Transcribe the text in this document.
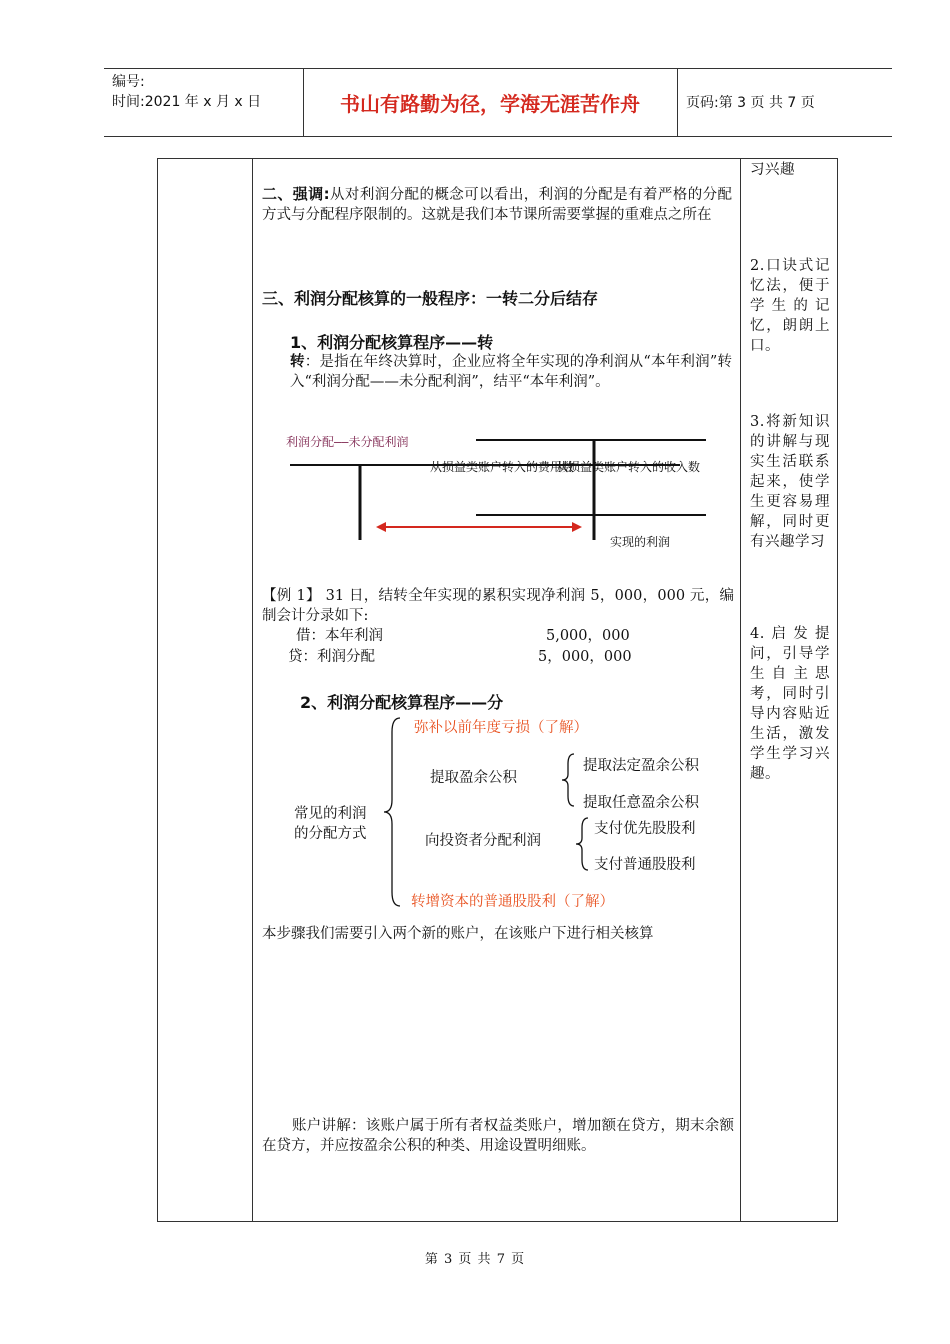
编号:
时间:2021 年 x 月 x 日	书山有路勤为径，学海无涯苦作舟	页码:第 3 页 共 7 页
习兴趣
2.口诀式记忆法，便于学生的记忆，朗朗上口。
3.将新知识的讲解与现实生活联系起来，使学生更容易理解，同时更有兴趣学习
4.启发提问，引导学生自主思考，同时引导内容贴近生活，激发学生学习兴趣。
二、强调:从对利润分配的概念可以看出，利润的分配是有着严格的分配方式与分配程序限制的。这就是我们本节课所需要掌握的重难点之所在
三、利润分配核算的一般程序：一转二分后结存
1、利润分配核算程序——转
转：是指在年终决算时，企业应将全年实现的净利润从“本年利润”转入“利润分配——未分配利润”，结平“本年利润”。
利润分配——未分配利润
从损益类账户转入的费用数
从损益类账户转入的收入数
实现的利润
【例 1】 31 日，结转全年实现的累积实现净利润 5，000，000 元，编制会计分录如下:
借：本年利润	5,000，000
贷：利润分配	5，000，000
2、利润分配核算程序——分
常见的利润
的分配方式
弥补以前年度亏损（了解）
提取盈余公积
提取法定盈余公积
提取任意盈余公积
向投资者分配利润
支付优先股股利
支付普通股股利
转增资本的普通股股利（了解）
本步骤我们需要引入两个新的账户，在该账户下进行相关核算
账户讲解：该账户属于所有者权益类账户，增加额在贷方，期末余额在贷方，并应按盈余公积的种类、用途设置明细账。
第 3 页 共 7 页
